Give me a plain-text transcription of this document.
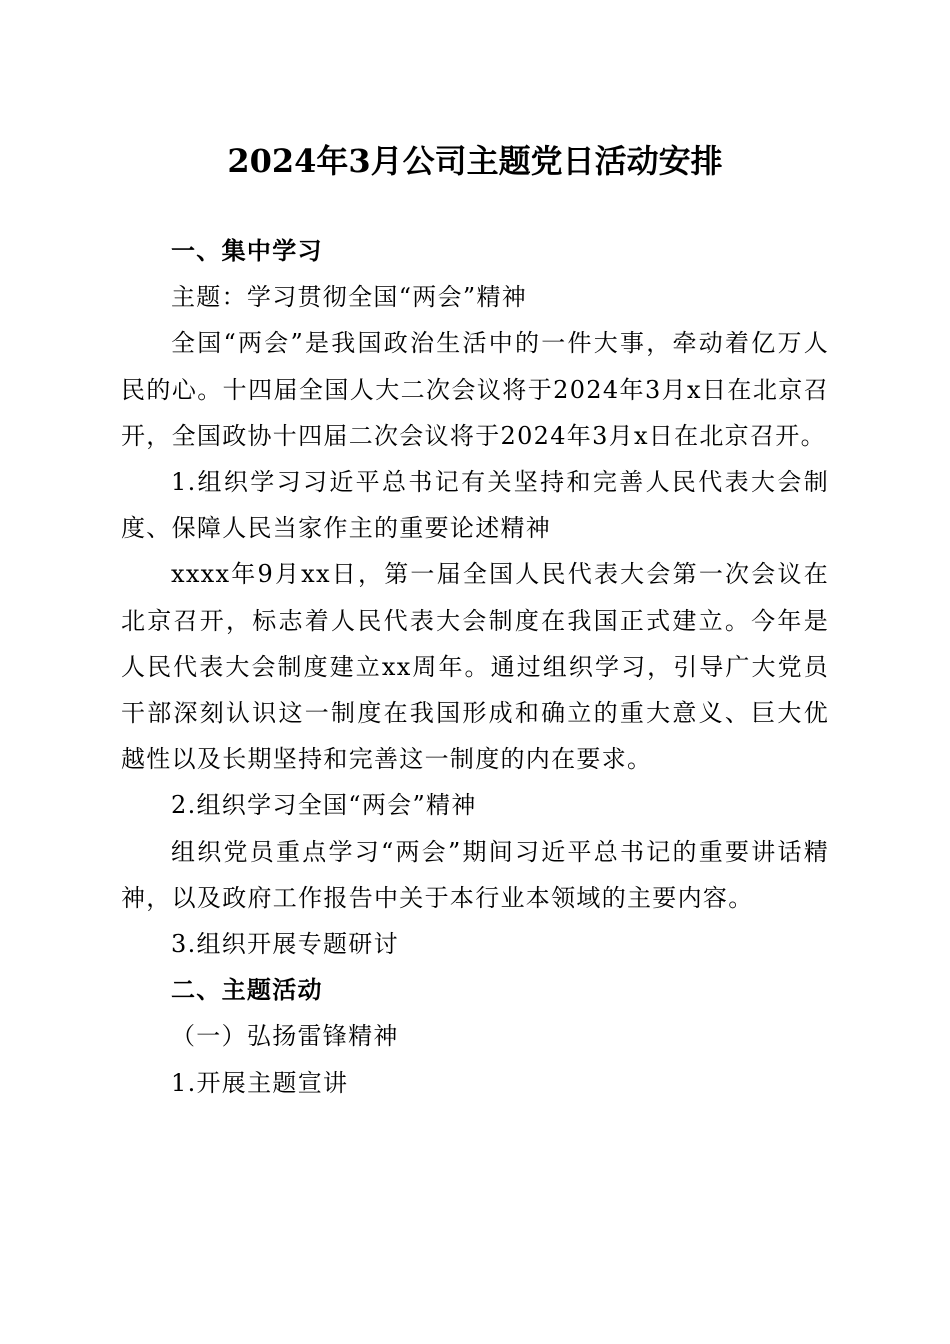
2024年3月公司主题党日活动安排

一、集中学习

主题：学习贯彻全国“两会”精神

全国“两会”是我国政治生活中的一件大事，牵动着亿万人民的心。十四届全国人大二次会议将于2024年3月x日在北京召开，全国政协十四届二次会议将于2024年3月x日在北京召开。

1.组织学习习近平总书记有关坚持和完善人民代表大会制度、保障人民当家作主的重要论述精神

xxxx年9月xx日，第一届全国人民代表大会第一次会议在北京召开，标志着人民代表大会制度在我国正式建立。今年是人民代表大会制度建立xx周年。通过组织学习，引导广大党员干部深刻认识这一制度在我国形成和确立的重大意义、巨大优越性以及长期坚持和完善这一制度的内在要求。

2.组织学习全国“两会”精神

组织党员重点学习“两会”期间习近平总书记的重要讲话精神，以及政府工作报告中关于本行业本领域的主要内容。

3.组织开展专题研讨

二、主题活动

（一）弘扬雷锋精神

1.开展主题宣讲
